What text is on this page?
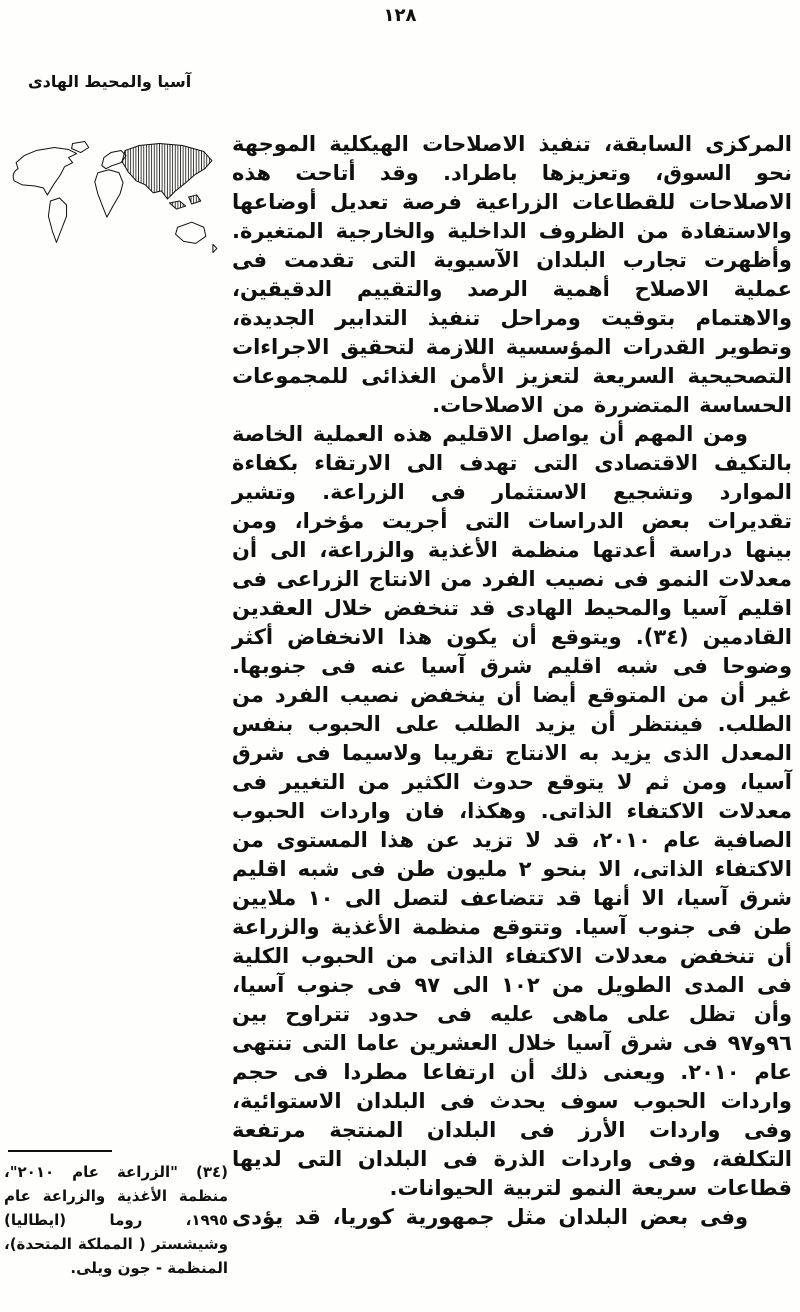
١٢٨
آسيا والمحيط الهادى

المركزى السابقة، تنفيذ الاصلاحات الهيكلية الموجهة نحو السوق، وتعزيزها باطراد. وقد أتاحت هذه الاصلاحات للقطاعات الزراعية فرصة تعديل أوضاعها والاستفادة من الظروف الداخلية والخارجية المتغيرة. وأظهرت تجارب البلدان الآسيوية التى تقدمت فى عملية الاصلاح أهمية الرصد والتقييم الدقيقين، والاهتمام بتوقيت ومراحل تنفيذ التدابير الجديدة، وتطوير القدرات المؤسسية اللازمة لتحقيق الاجراءات التصحيحية السريعة لتعزيز الأمن الغذائى للمجموعات الحساسة المتضررة من الاصلاحات.

ومن المهم أن يواصل الاقليم هذه العملية الخاصة بالتكيف الاقتصادى التى تهدف الى الارتقاء بكفاءة الموارد وتشجيع الاستثمار فى الزراعة. وتشير تقديرات بعض الدراسات التى أجريت مؤخرا، ومن بينها دراسة أعدتها منظمة الأغذية والزراعة، الى أن معدلات النمو فى نصيب الفرد من الانتاج الزراعى فى اقليم آسيا والمحيط الهادى قد تنخفض خلال العقدين القادمين (٣٤). ويتوقع أن يكون هذا الانخفاض أكثر وضوحا فى شبه اقليم شرق آسيا عنه فى جنوبها. غير أن من المتوقع أيضا أن ينخفض نصيب الفرد من الطلب. فينتظر أن يزيد الطلب على الحبوب بنفس المعدل الذى يزيد به الانتاج تقريبا ولاسيما فى شرق آسيا، ومن ثم لا يتوقع حدوث الكثير من التغيير فى معدلات الاكتفاء الذاتى. وهكذا، فان واردات الحبوب الصافية عام ٢٠١٠، قد لا تزيد عن هذا المستوى من الاكتفاء الذاتى، الا بنحو ٢ مليون طن فى شبه اقليم شرق آسيا، الا أنها قد تتضاعف لتصل الى ١٠ ملايين طن فى جنوب آسيا. وتتوقع منظمة الأغذية والزراعة أن تنخفض معدلات الاكتفاء الذاتى من الحبوب الكلية فى المدى الطويل من ١٠٢ الى ٩٧ فى جنوب آسيا، وأن تظل على ماهى عليه فى حدود تتراوح بين ٩٦و٩٧ فى شرق آسيا خلال العشرين عاما التى تنتهى عام ٢٠١٠. ويعنى ذلك أن ارتفاعا مطردا فى حجم واردات الحبوب سوف يحدث فى البلدان الاستوائية، وفى واردات الأرز فى البلدان المنتجة مرتفعة التكلفة، وفى واردات الذرة فى البلدان التى لديها قطاعات سريعة النمو لتربية الحيوانات.

وفى بعض البلدان مثل جمهورية كوريا، قد يؤدى

(٣٤) "الزراعة عام ٢٠١٠"، منظمة الأغذية والزراعة عام ١٩٩٥، روما (ايطاليا) وشيشستر ( المملكة المتحدة)، المنظمة - جون ويلى.
